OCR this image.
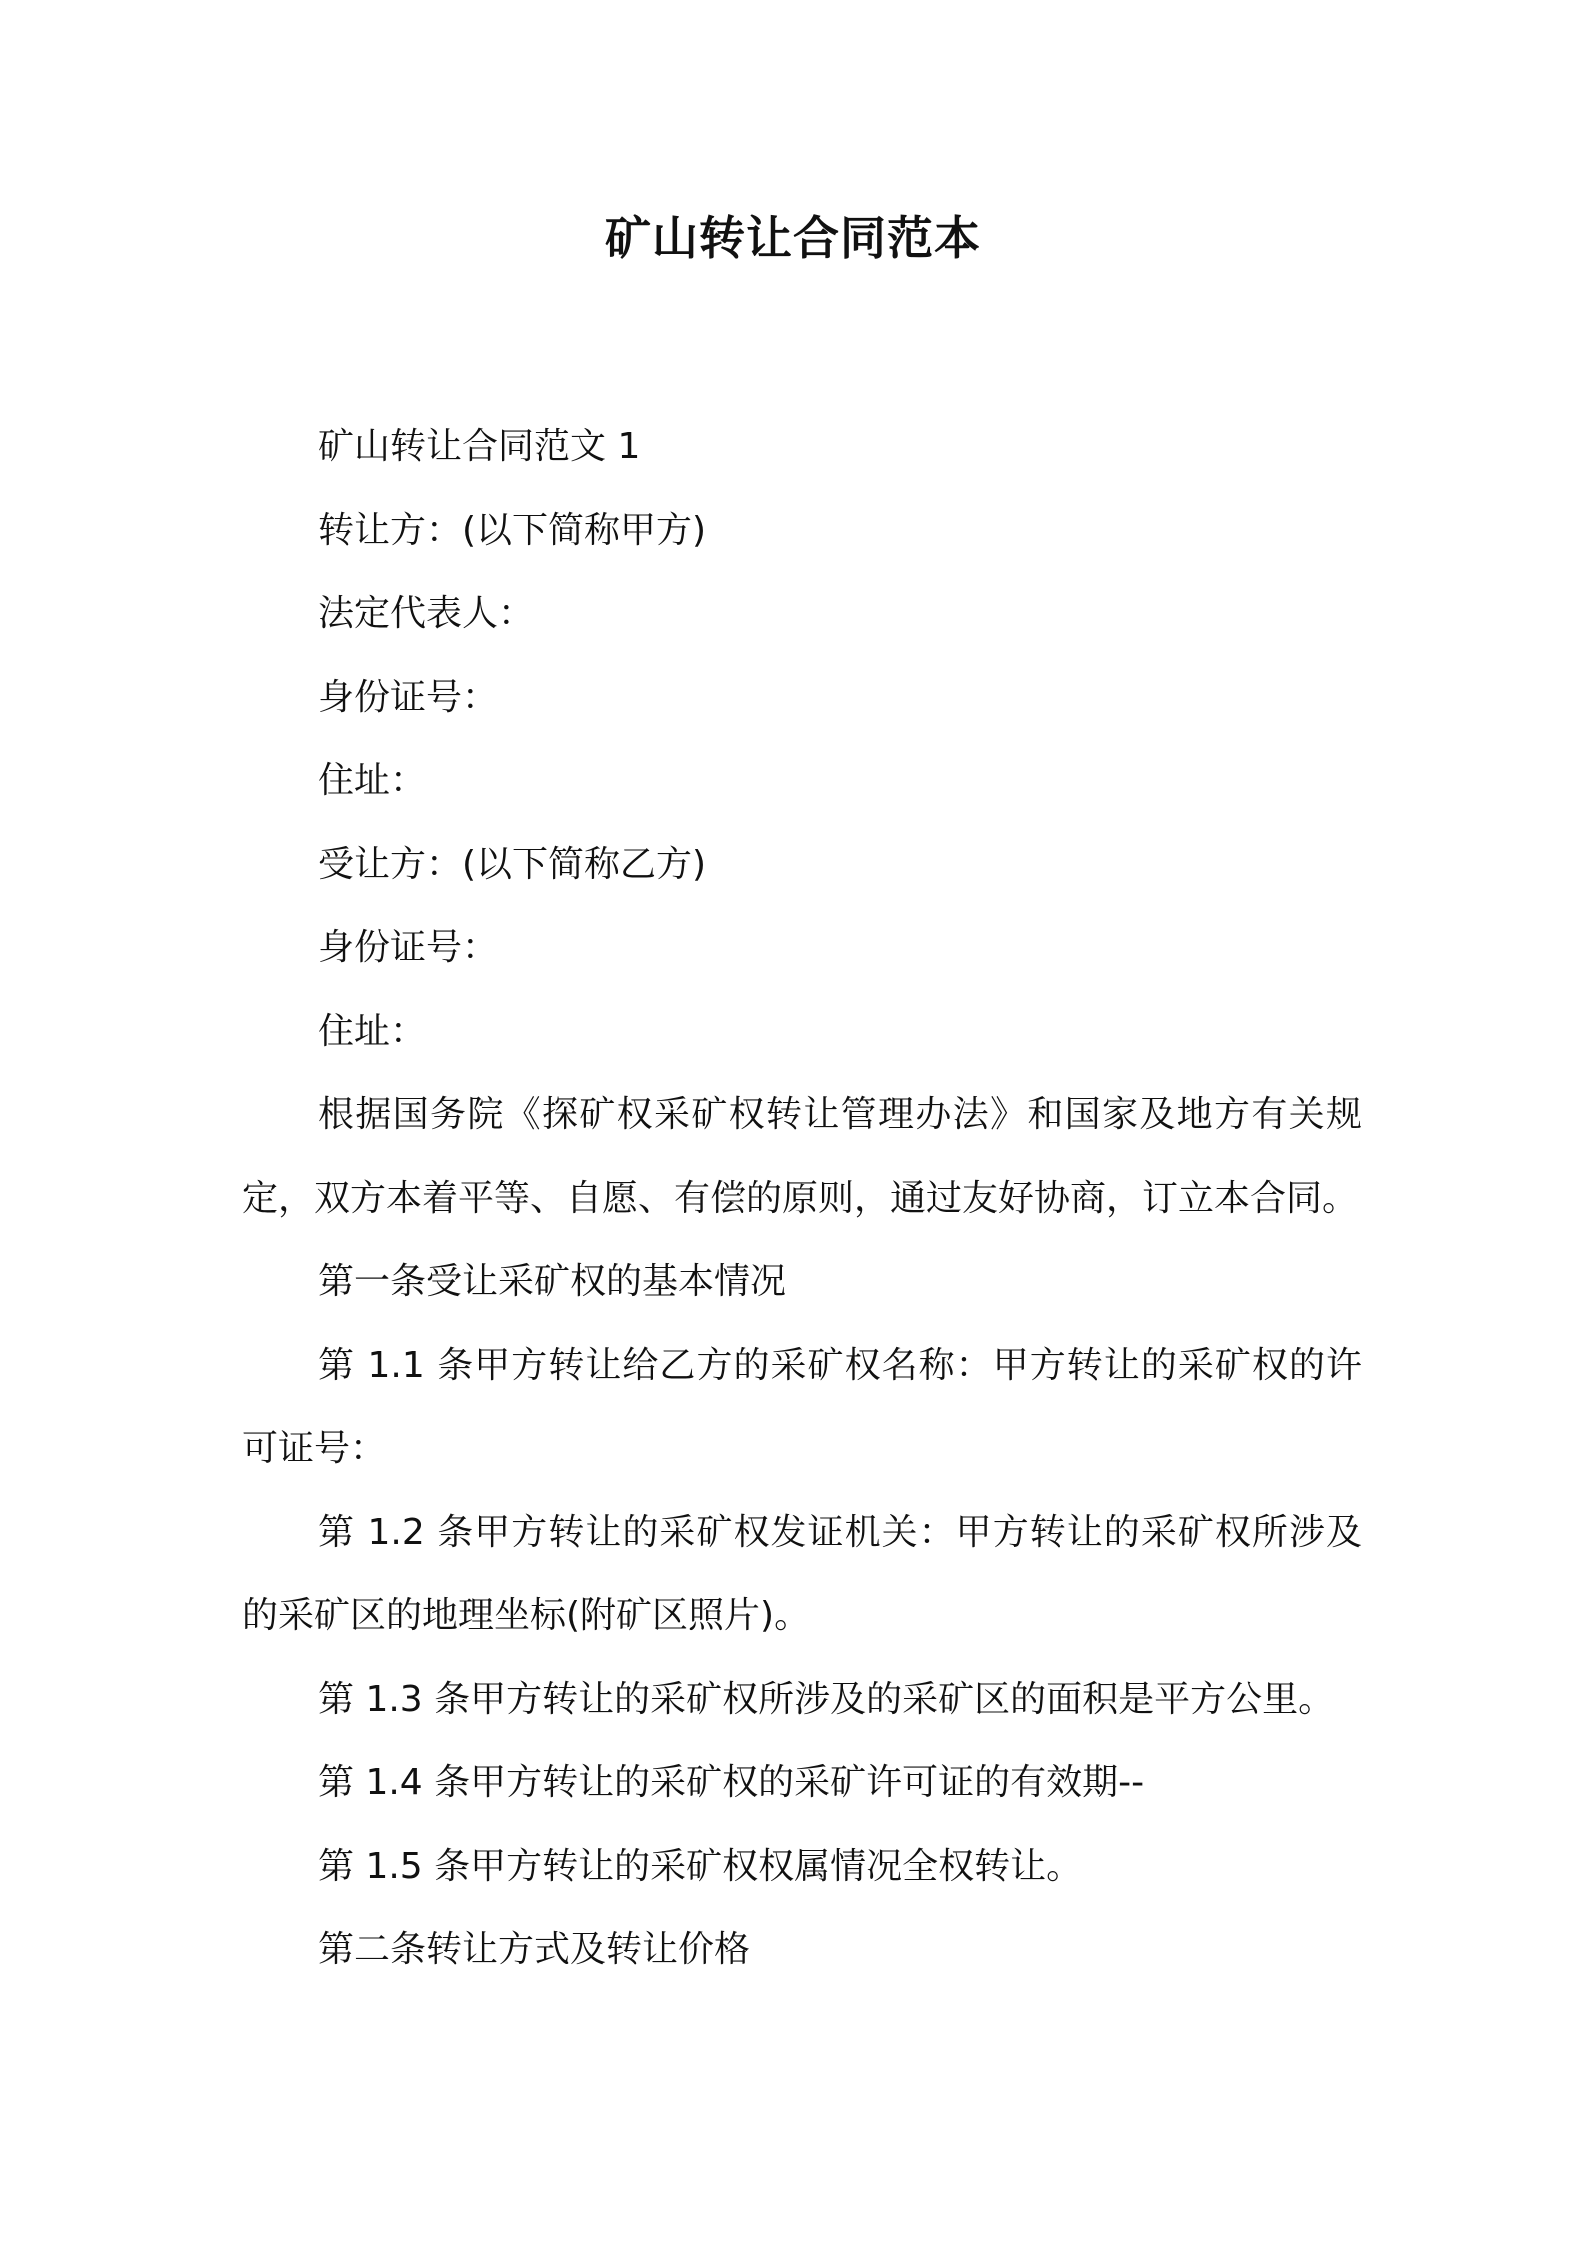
矿山转让合同范本

矿山转让合同范文 1

转让方：(以下简称甲方)

法定代表人：

身份证号：

住址：

受让方：(以下简称乙方)

身份证号：

住址：

根据国务院《探矿权采矿权转让管理办法》和国家及地方有关规定，双方本着平等、自愿、有偿的原则，通过友好协商，订立本合同。

第一条受让采矿权的基本情况

第 1.1 条甲方转让给乙方的采矿权名称：甲方转让的采矿权的许可证号：

第 1.2 条甲方转让的采矿权发证机关：甲方转让的采矿权所涉及的采矿区的地理坐标(附矿区照片)。

第 1.3 条甲方转让的采矿权所涉及的采矿区的面积是平方公里。

第 1.4 条甲方转让的采矿权的采矿许可证的有效期--

第 1.5 条甲方转让的采矿权权属情况全权转让。

第二条转让方式及转让价格
